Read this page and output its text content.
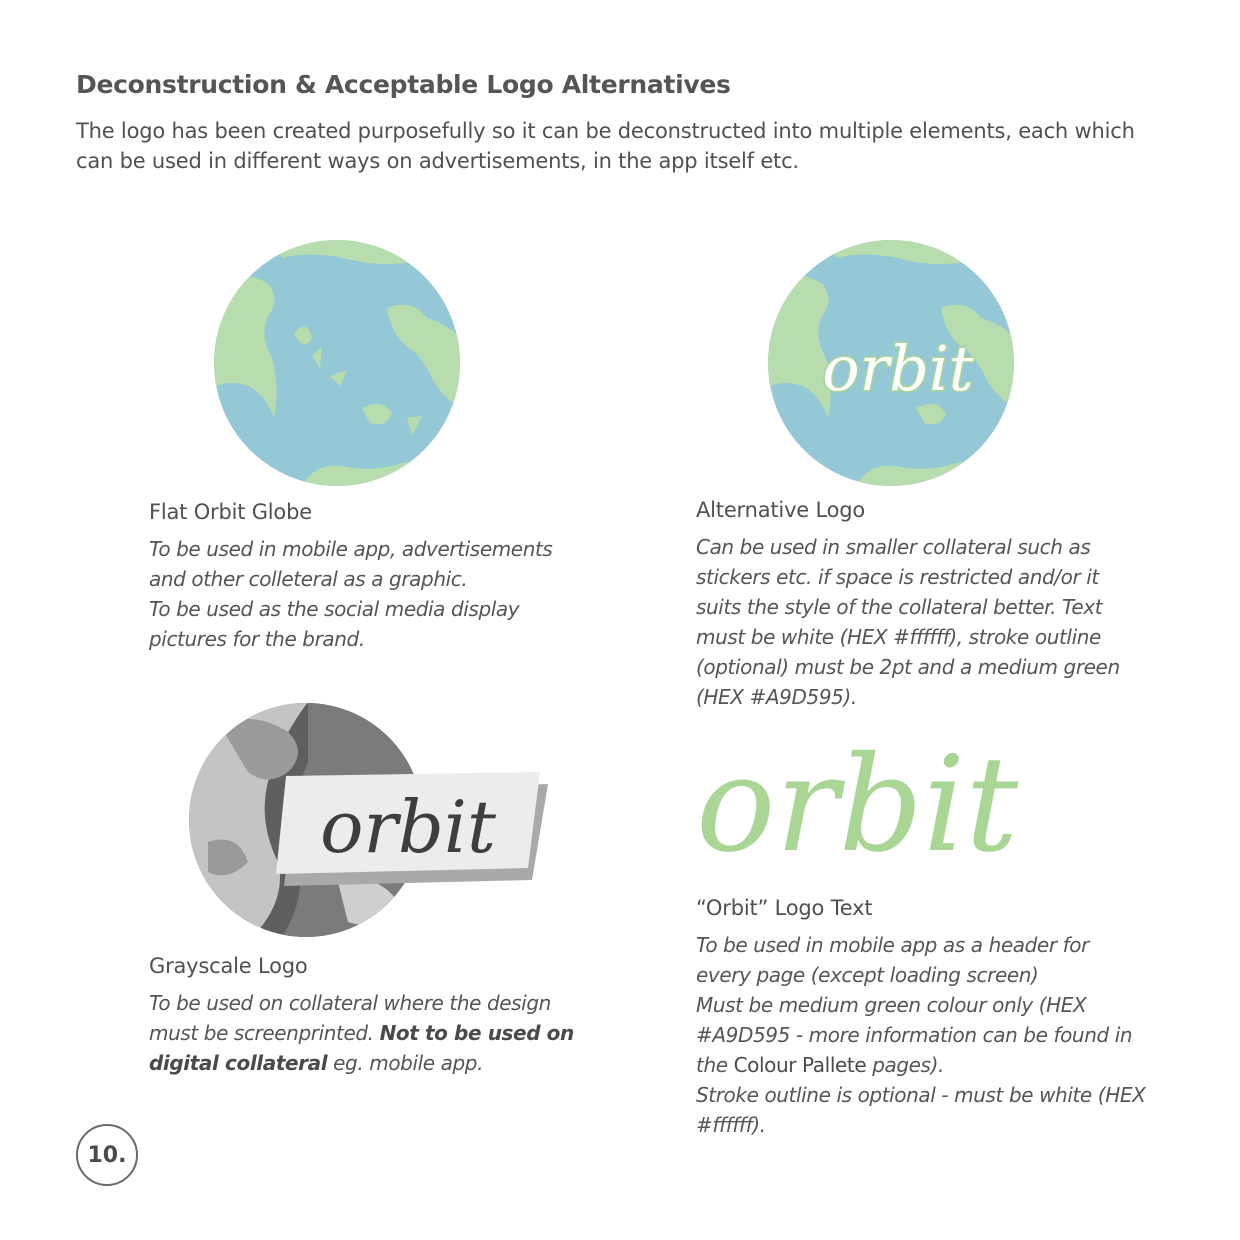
Deconstruction & Acceptable Logo Alternatives

The logo has been created purposefully so it can be deconstructed into multiple elements, each which can be used in different ways on advertisements, in the app itself etc.

orbit
orbit orbit

Flat Orbit Globe

To be used in mobile app, advertisements and other colleteral as a graphic.

To be used as the social media display pictures for the brand.

Alternative Logo

Can be used in smaller collateral such as stickers etc. if space is restricted and/or it suits the style of the collateral better. Text must be white (HEX #ffffff), stroke outline (optional) must be 2pt and a medium green (HEX #A9D595).

Grayscale Logo

To be used on collateral where the design must be screenprinted. Not to be used on digital collateral eg. mobile app.

“Orbit” Logo Text

To be used in mobile app as a header for every page (except loading screen)

Must be medium green colour only (HEX #A9D595 - more information can be found in the Colour Pallete pages).

Stroke outline is optional - must be white (HEX #ffffff).

10.
